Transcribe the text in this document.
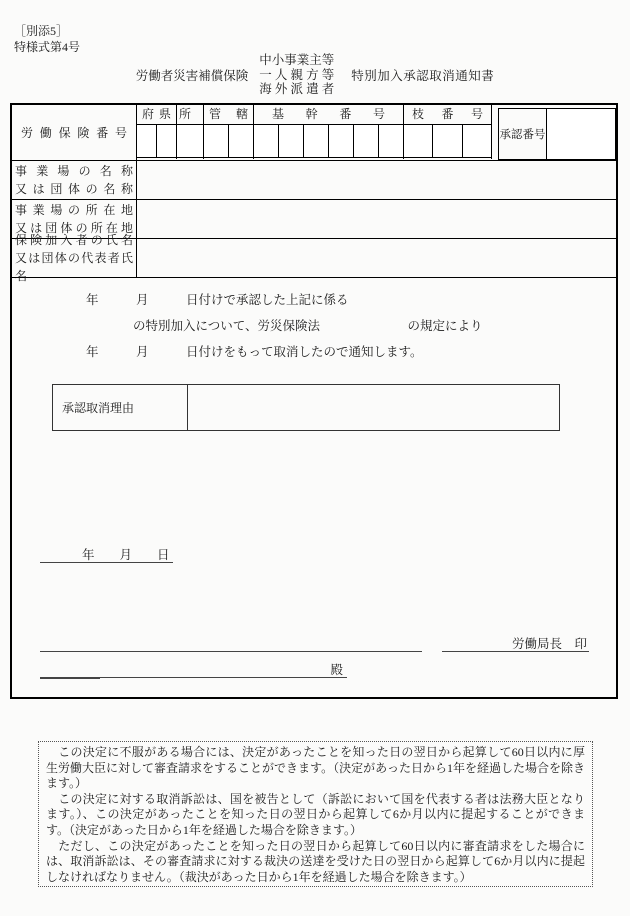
［別添5］
特様式第4号
労働者災害補償保険
中小事業主等
一 人 親 方 等
海 外 派 遣 者
特別加入承認取消通知書
労働保険番号
府県 所	管轄	基幹番号	枝番号
承認番号
事業場の名称
又は団体の名称
事業場の所在地
又は団体の所在地
保険加入者の氏名
又は団体の代表者氏名
年　　　月　　　日付けで承認した上記に係る
の特別加入について、労災保険法　　　　　　　の規定により
年　　　月　　　日付けをもって取消したので通知します。
承認取消理由
年　　月　　日
労働局長　印
殿

　この決定に不服がある場合には、決定があったことを知った日の翌日から起算して60日以内に厚生労働大臣に対して審査請求をすることができます。（決定があった日から1年を経過した場合を除きます。）

　この決定に対する取消訴訟は、国を被告として（訴訟において国を代表する者は法務大臣となります。）、この決定があったことを知った日の翌日から起算して6か月以内に提起することができます。（決定があった日から1年を経過した場合を除きます。）

　ただし、この決定があったことを知った日の翌日から起算して60日以内に審査請求をした場合には、取消訴訟は、その審査請求に対する裁決の送達を受けた日の翌日から起算して6か月以内に提起しなければなりません。（裁決があった日から1年を経過した場合を除きます。）
